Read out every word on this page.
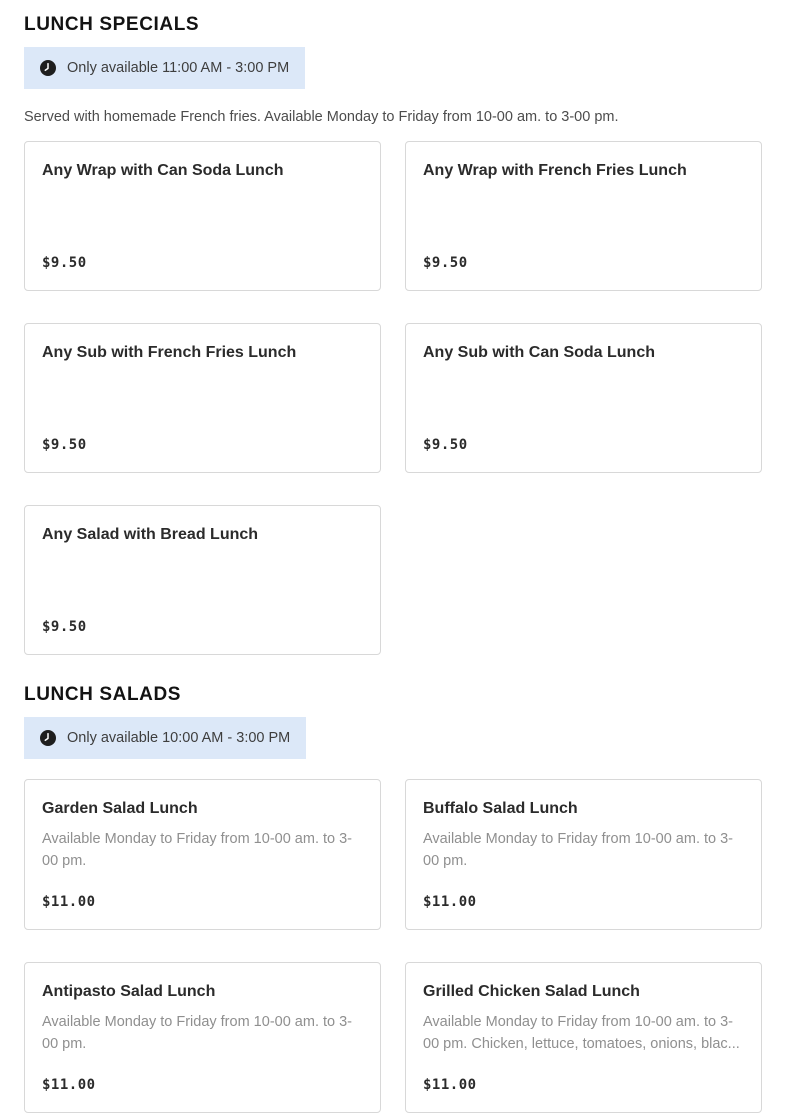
LUNCH SPECIALS
Only available 11:00 AM - 3:00 PM

Served with homemade French fries. Available Monday to Friday from 10-00 am. to 3-00 pm.

Any Wrap with Can Soda Lunch
$9.50
Any Wrap with French Fries Lunch
$9.50
Any Sub with French Fries Lunch
$9.50
Any Sub with Can Soda Lunch
$9.50
Any Salad with Bread Lunch
$9.50
LUNCH SALADS
Only available 10:00 AM - 3:00 PM
Garden Salad Lunch
Available Monday to Friday from 10-00 am. to 3-00 pm.
$11.00
Buffalo Salad Lunch
Available Monday to Friday from 10-00 am. to 3-00 pm.
$11.00
Antipasto Salad Lunch
Available Monday to Friday from 10-00 am. to 3-00 pm.
$11.00
Grilled Chicken Salad Lunch
Available Monday to Friday from 10-00 am. to 3-00 pm. Chicken, lettuce, tomatoes, onions, blac...
$11.00
